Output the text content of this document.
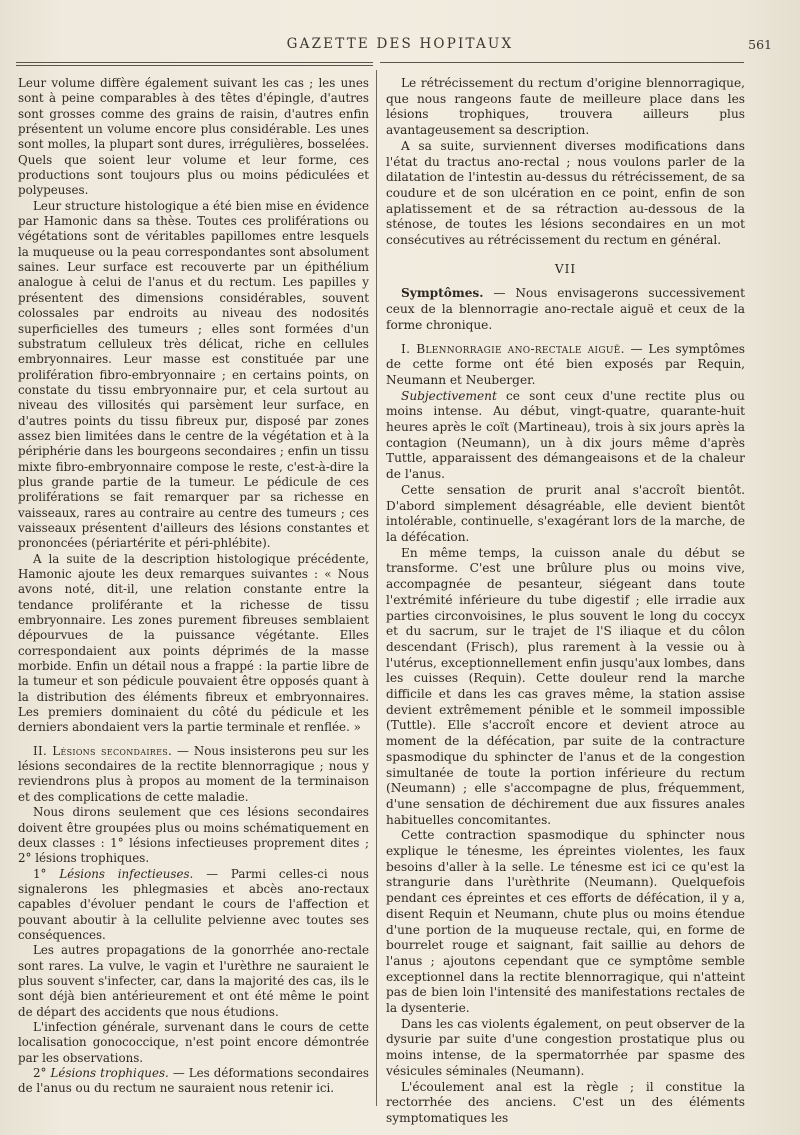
GAZETTE DES HOPITAUX	561

Leur volume diffère également suivant les cas ; les unes sont à peine comparables à des têtes d'épingle, d'autres sont grosses comme des grains de raisin, d'autres enfin présentent un volume encore plus considérable. Les unes sont molles, la plupart sont dures, irrégulières, bosselées. Quels que soient leur volume et leur forme, ces productions sont toujours plus ou moins pédiculées et polypeuses.

Leur structure histologique a été bien mise en évidence par Hamonic dans sa thèse. Toutes ces proliférations ou végétations sont de véritables papillomes entre lesquels la muqueuse ou la peau correspondantes sont absolument saines. Leur surface est recouverte par un épithélium analogue à celui de l'anus et du rectum. Les papilles y présentent des dimensions considérables, souvent colossales par endroits au niveau des nodosités superficielles des tumeurs ; elles sont formées d'un substratum celluleux très délicat, riche en cellules embryonnaires. Leur masse est constituée par une prolifération fibro-embryonnaire ; en certains points, on constate du tissu embryonnaire pur, et cela surtout au niveau des villosités qui parsèment leur surface, en d'autres points du tissu fibreux pur, disposé par zones assez bien limitées dans le centre de la végétation et à la périphérie dans les bourgeons secondaires ; enfin un tissu mixte fibro-embryonnaire compose le reste, c'est-à-dire la plus grande partie de la tumeur. Le pédicule de ces proliférations se fait remarquer par sa richesse en vaisseaux, rares au contraire au centre des tumeurs ; ces vaisseaux présentent d'ailleurs des lésions constantes et prononcées (périartérite et péri-phlébite).

A la suite de la description histologique précédente, Hamonic ajoute les deux remarques suivantes : « Nous avons noté, dit-il, une relation constante entre la tendance proliférante et la richesse de tissu embryonnaire. Les zones purement fibreuses semblaient dépourvues de la puissance végétante. Elles correspondaient aux points déprimés de la masse morbide. Enfin un détail nous a frappé : la partie libre de la tumeur et son pédicule pouvaient être opposés quant à la distribution des éléments fibreux et embryonnaires. Les premiers dominaient du côté du pédicule et les derniers abondaient vers la partie terminale et renflée. »

II. Lésions secondaires. — Nous insisterons peu sur les lésions secondaires de la rectite blennorragique ; nous y reviendrons plus à propos au moment de la terminaison et des complications de cette maladie.

Nous dirons seulement que ces lésions secondaires doivent être groupées plus ou moins schématiquement en deux classes : 1° lésions infectieuses proprement dites ; 2° lésions trophiques.

1° Lésions infectieuses. — Parmi celles-ci nous signalerons les phlegmasies et abcès ano-rectaux capables d'évoluer pendant le cours de l'affection et pouvant aboutir à la cellulite pelvienne avec toutes ses conséquences.

Les autres propagations de la gonorrhée ano-rectale sont rares. La vulve, le vagin et l'urèthre ne sauraient le plus souvent s'infecter, car, dans la majorité des cas, ils le sont déjà bien antérieurement et ont été même le point de départ des accidents que nous étudions.

L'infection générale, survenant dans le cours de cette localisation gonococcique, n'est point encore démontrée par les observations.

2° Lésions trophiques. — Les déformations secondaires de l'anus ou du rectum ne sauraient nous retenir ici.

Le rétrécissement du rectum d'origine blennorragique, que nous rangeons faute de meilleure place dans les lésions trophiques, trouvera ailleurs plus avantageusement sa description.

A sa suite, surviennent diverses modifications dans l'état du tractus ano-rectal ; nous voulons parler de la dilatation de l'intestin au-dessus du rétrécissement, de sa coudure et de son ulcération en ce point, enfin de son aplatissement et de sa rétraction au-dessous de la sténose, de toutes les lésions secondaires en un mot consécutives au rétrécissement du rectum en général.

VII

Symptômes. — Nous envisagerons successivement ceux de la blennorragie ano-rectale aiguë et ceux de la forme chronique.

I. Blennorragie ano-rectale aiguë. — Les symptômes de cette forme ont été bien exposés par Requin, Neumann et Neuberger.

Subjectivement ce sont ceux d'une rectite plus ou moins intense. Au début, vingt-quatre, quarante-huit heures après le coït (Martineau), trois à six jours après la contagion (Neumann), un à dix jours même d'après Tuttle, apparaissent des démangeaisons et de la chaleur de l'anus.

Cette sensation de prurit anal s'accroît bientôt. D'abord simplement désagréable, elle devient bientôt intolérable, continuelle, s'exagérant lors de la marche, de la défécation.

En même temps, la cuisson anale du début se transforme. C'est une brûlure plus ou moins vive, accompagnée de pesanteur, siégeant dans toute l'extrémité inférieure du tube digestif ; elle irradie aux parties circonvoisines, le plus souvent le long du coccyx et du sacrum, sur le trajet de l'S iliaque et du côlon descendant (Frisch), plus rarement à la vessie ou à l'utérus, exceptionnellement enfin jusqu'aux lombes, dans les cuisses (Requin). Cette douleur rend la marche difficile et dans les cas graves même, la station assise devient extrêmement pénible et le sommeil impossible (Tuttle). Elle s'accroît encore et devient atroce au moment de la défécation, par suite de la contracture spasmodique du sphincter de l'anus et de la congestion simultanée de toute la portion inférieure du rectum (Neumann) ; elle s'accompagne de plus, fréquemment, d'une sensation de déchirement due aux fissures anales habituelles concomitantes.

Cette contraction spasmodique du sphincter nous explique le ténesme, les épreintes violentes, les faux besoins d'aller à la selle. Le ténesme est ici ce qu'est la strangurie dans l'urèthrite (Neumann). Quelquefois pendant ces épreintes et ces efforts de défécation, il y a, disent Requin et Neumann, chute plus ou moins étendue d'une portion de la muqueuse rectale, qui, en forme de bourrelet rouge et saignant, fait saillie au dehors de l'anus ; ajoutons cependant que ce symptôme semble exceptionnel dans la rectite blennorragique, qui n'atteint pas de bien loin l'intensité des manifestations rectales de la dysenterie.

Dans les cas violents également, on peut observer de la dysurie par suite d'une congestion prostatique plus ou moins intense, de la spermatorrhée par spasme des vésicules séminales (Neumann).

L'écoulement anal est la règle ; il constitue la rectorrhée des anciens. C'est un des éléments symptomatiques les
